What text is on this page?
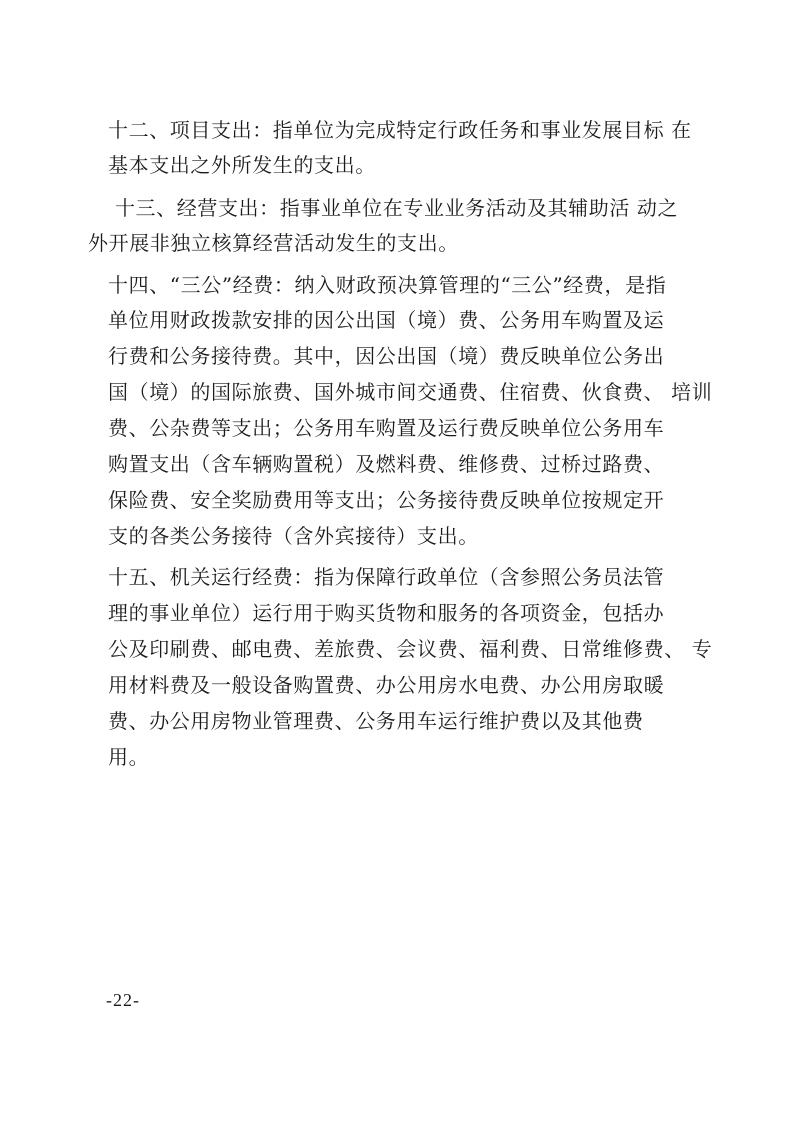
十二、项目支出：指单位为完成特定行政任务和事业发展目标 在
基本支出之外所发生的支出。
十三、经营支出：指事业单位在专业业务活动及其辅助活 动之
外开展非独立核算经营活动发生的支出。
十四、“三公”经费：纳入财政预决算管理的“三公”经费，是指
单位用财政拨款安排的因公出国（境）费、公务用车购置及运
行费和公务接待费。其中，因公出国（境）费反映单位公务出
国（境）的国际旅费、国外城市间交通费、住宿费、伙食费、 培训
费、公杂费等支出；公务用车购置及运行费反映单位公务用车
购置支出（含车辆购置税）及燃料费、维修费、过桥过路费、
保险费、安全奖励费用等支出；公务接待费反映单位按规定开
支的各类公务接待（含外宾接待）支出。
十五、机关运行经费：指为保障行政单位（含参照公务员法管
理的事业单位）运行用于购买货物和服务的各项资金，包括办
公及印刷费、邮电费、差旅费、会议费、福利费、日常维修费、 专
用材料费及一般设备购置费、办公用房水电费、办公用房取暖
费、办公用房物业管理费、公务用车运行维护费以及其他费
用。
-22-
